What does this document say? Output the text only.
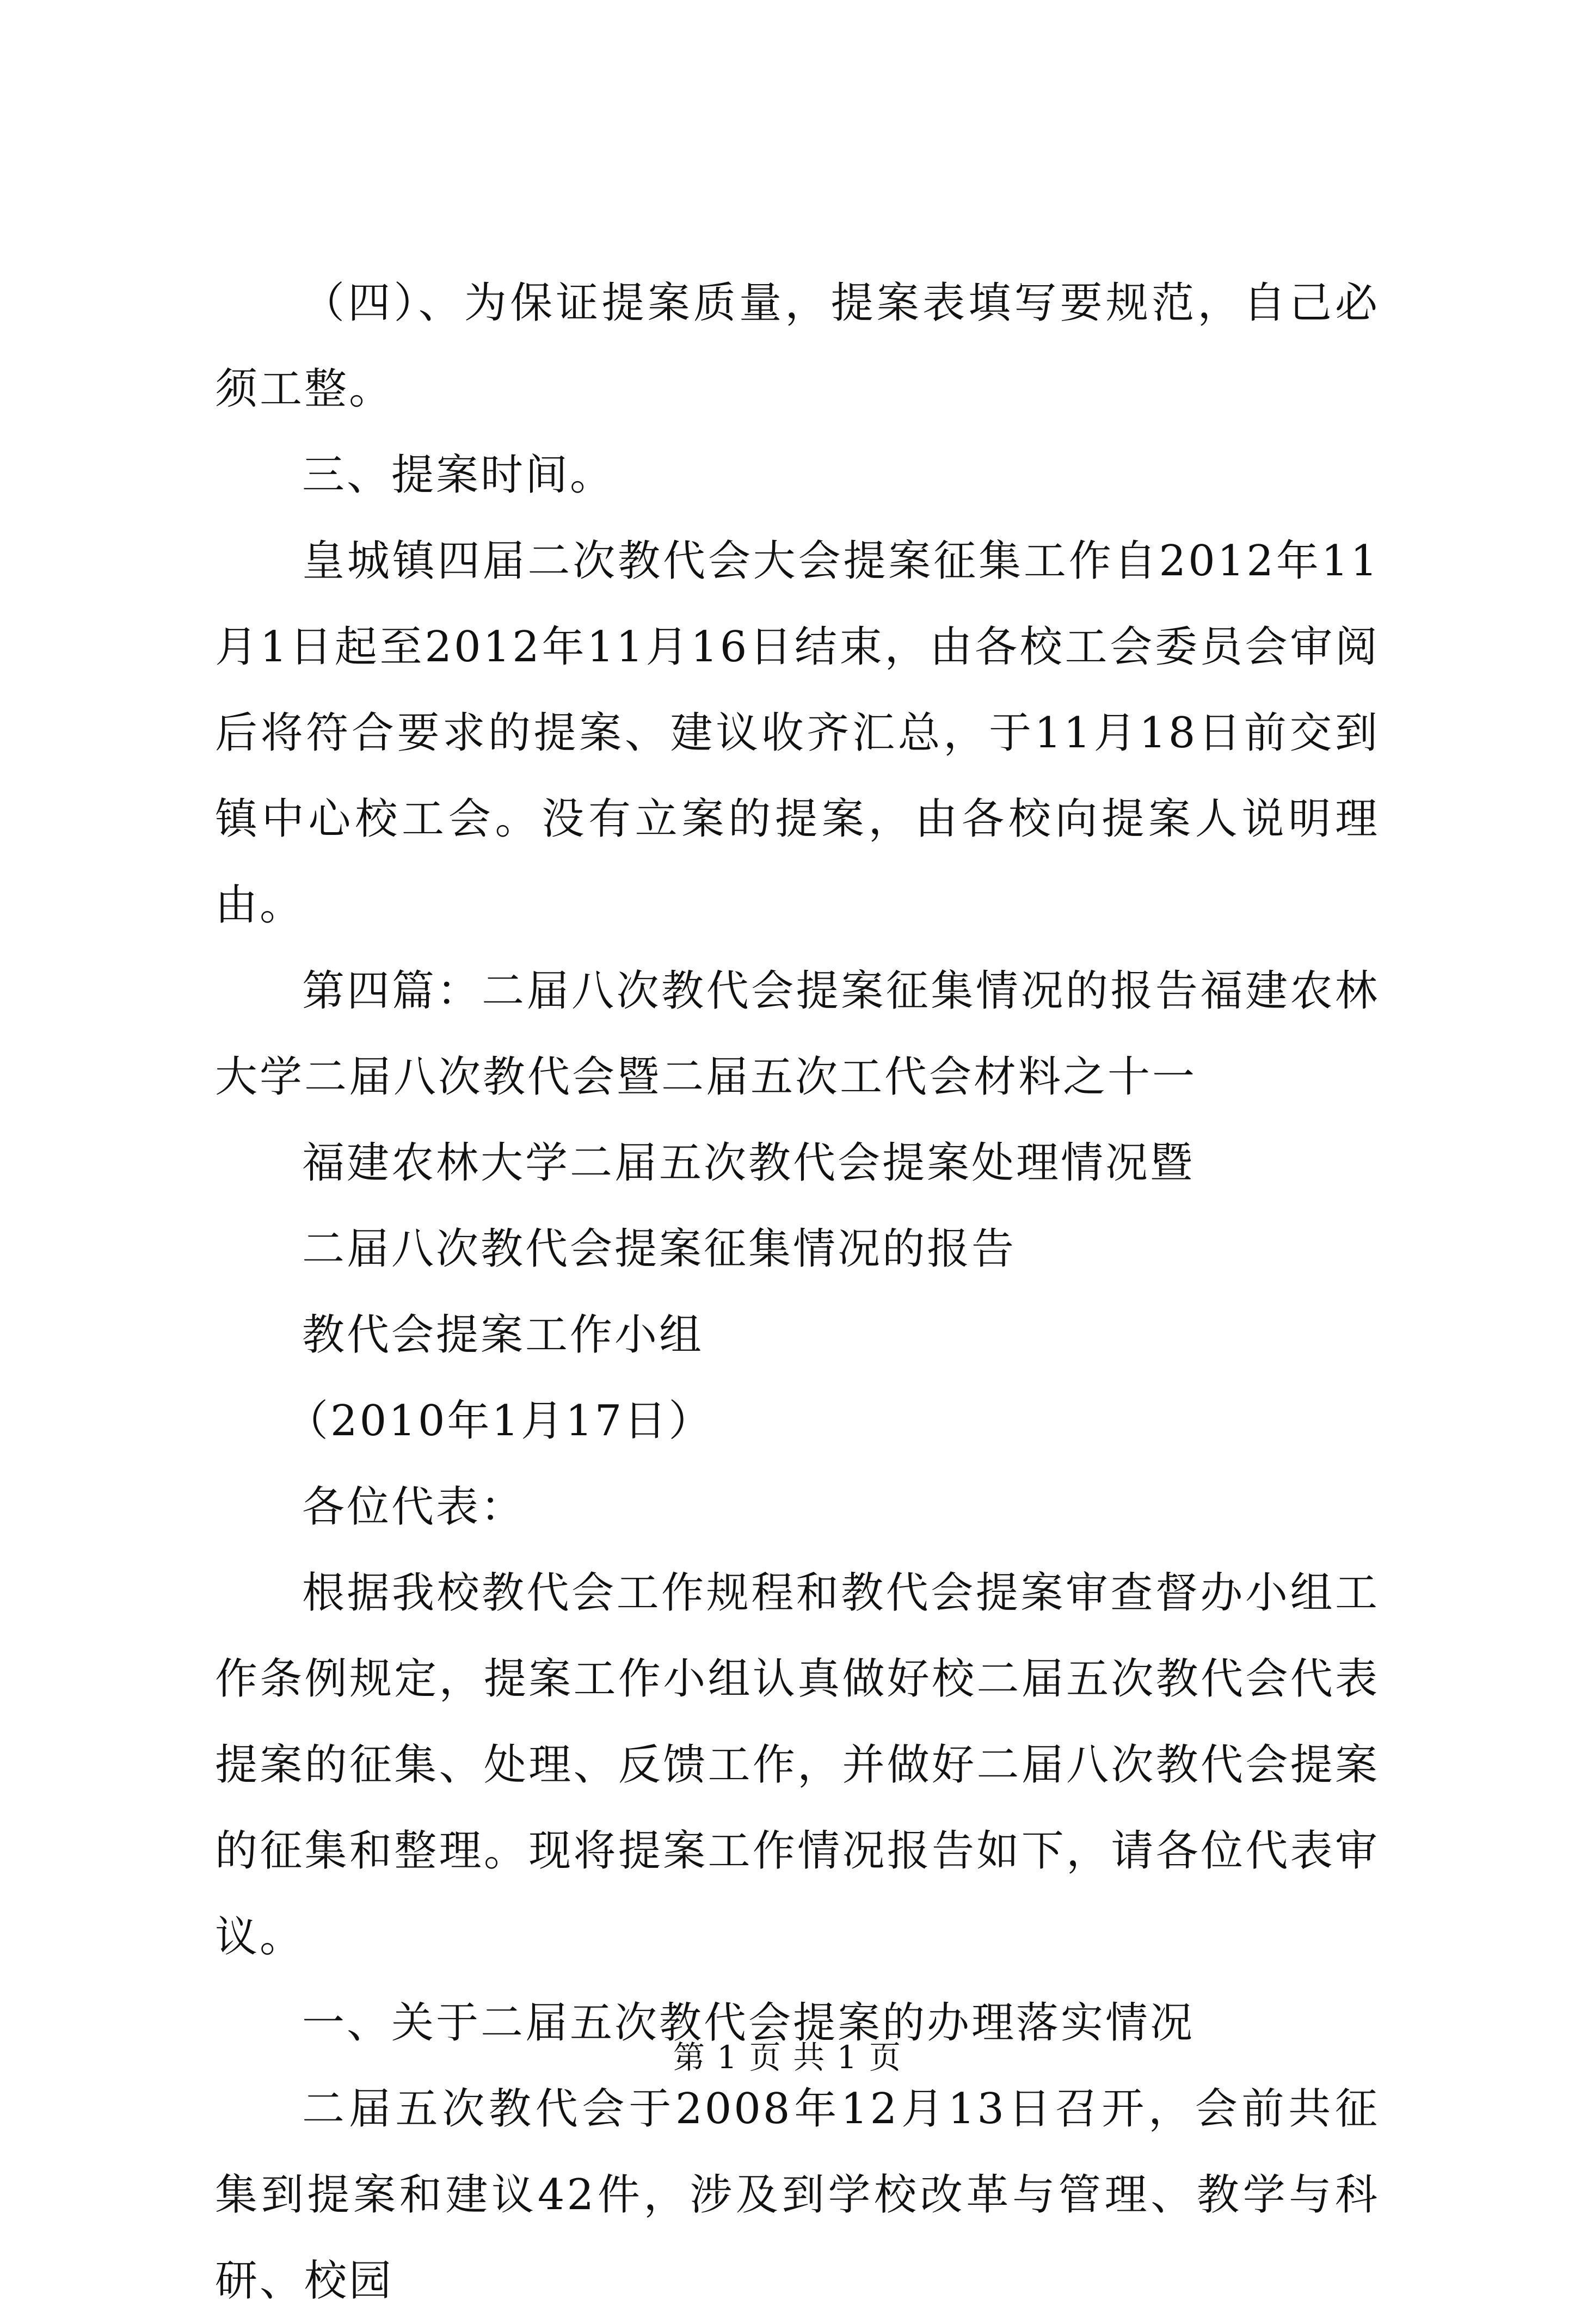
（四）、为保证提案质量，提案表填写要规范，自己必须工整。

三、提案时间。

皇城镇四届二次教代会大会提案征集工作自2012年11月1日起至2012年11月16日结束，由各校工会委员会审阅后将符合要求的提案、建议收齐汇总，于11月18日前交到镇中心校工会。没有立案的提案，由各校向提案人说明理由。

第四篇：二届八次教代会提案征集情况的报告福建农林大学二届八次教代会暨二届五次工代会材料之十一

福建农林大学二届五次教代会提案处理情况暨

二届八次教代会提案征集情况的报告

教代会提案工作小组

（2010年1月17日）

各位代表：

根据我校教代会工作规程和教代会提案审查督办小组工作条例规定，提案工作小组认真做好校二届五次教代会代表提案的征集、处理、反馈工作，并做好二届八次教代会提案的征集和整理。现将提案工作情况报告如下，请各位代表审议。

一、关于二届五次教代会提案的办理落实情况

二届五次教代会于2008年12月13日召开，会前共征集到提案和建议42件，涉及到学校改革与管理、教学与科研、校园

第 1 页 共 1 页
